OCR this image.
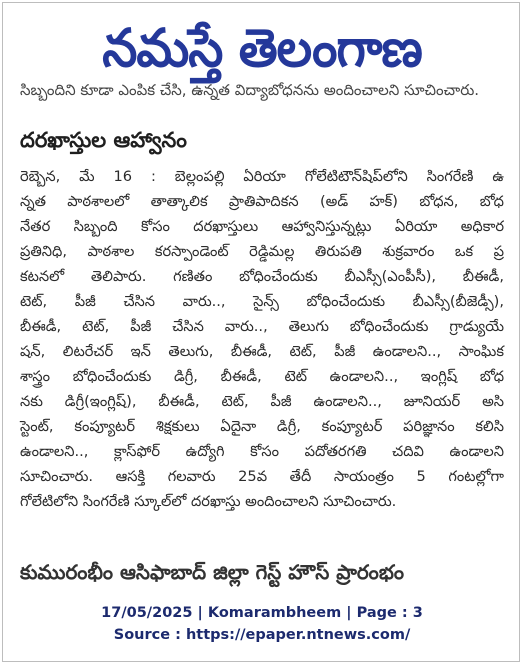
నమస్తే తెలంగాణ
సిబ్బందిని కూడా ఎంపిక చేసి, ఉన్నత విద్యాబోధనను అందించాలని సూచించారు.
దరఖాస్తుల ఆహ్వానం
రెబ్బెన, మే 16 : బెల్లంపల్లి ఏరియా గోలేటిటౌన్‌షిప్‌లోని సింగరేణి ఉ
న్నత పాఠశాలలో తాత్కాలిక ప్రాతిపాదికన (అడ్ హక్) బోధన, బోధ
నేతర సిబ్బంది కోసం దరఖాస్తులు ఆహ్వానిస్తున్నట్లు ఏరియా అధికార
ప్రతినిధి, పాఠశాల కరస్పాండెంట్ రెడ్డిమల్ల తిరుపతి శుక్రవారం ఒక ప్ర
కటనలో తెలిపారు. గణితం బోధించేందుకు బీఎస్సీ(ఎంపీసీ), బీఈడీ,
టెట్, పీజీ చేసిన వారు.., సైన్స్ బోధించేందుకు బీఎస్సీ(బీజెడ్సీ),
బీఈడీ, టెట్, పీజీ చేసిన వారు.., తెలుగు బోధించేందుకు గ్రాడ్యుయే
షన్, లిటరేచర్ ఇన్ తెలుగు, బీఈడీ, టెట్, పీజీ ఉండాలని.., సాంఘిక
శాస్త్రం బోధించేందుకు డిగ్రీ, బీఈడీ, టెట్ ఉండాలని.., ఇంగ్లిష్ బోధ
నకు డిగ్రీ(ఇంగ్లిష్), బీఈడీ, టెట్, పీజీ ఉండాలని.., జూనియర్ అసి
స్టెంట్, కంప్యూటర్ శిక్షకులు ఏదైనా డిగ్రీ, కంప్యూటర్ పరిజ్ఞానం కలిసి
ఉండాలని.., క్లాస్‌ఫోర్ ఉద్యోగి కోసం పదోతరగతి చదివి ఉండాలని
సూచించారు. ఆసక్తి గలవారు 25వ తేదీ సాయంత్రం 5 గంటల్లోగా
గోలేటిలోని సింగరేణి స్కూల్‌లో దరఖాస్తు అందించాలని సూచించారు.
కుమురంభీం ఆసిఫాబాద్ జిల్లా గెస్ట్ హౌస్ ప్రారంభం
17/05/2025 | Komarambheem | Page : 3
Source : https://epaper.ntnews.com/
